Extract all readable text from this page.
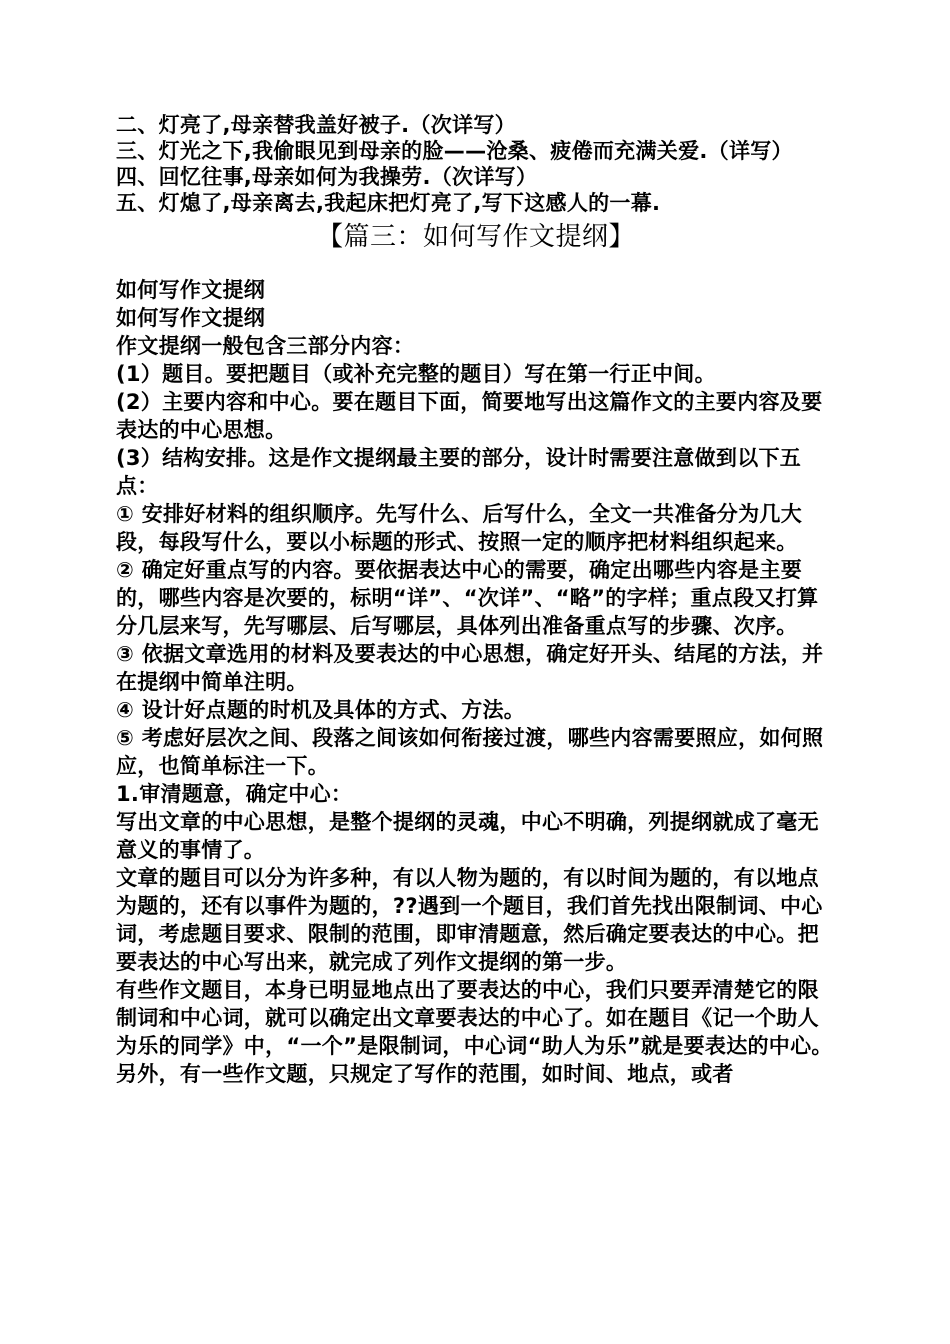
二、灯亮了,母亲替我盖好被子.（次详写）

三、灯光之下,我偷眼见到母亲的脸——沧桑、疲倦而充满关爱.（详写）

四、回忆往事,母亲如何为我操劳.（次详写）

五、灯熄了,母亲离去,我起床把灯亮了,写下这感人的一幕.

【篇三：如何写作文提纲】

如何写作文提纲

如何写作文提纲

作文提纲一般包含三部分内容：

(1）题目。要把题目（或补充完整的题目）写在第一行正中间。

(2）主要内容和中心。要在题目下面，简要地写出这篇作文的主要内容及要表达的中心思想。

(3）结构安排。这是作文提纲最主要的部分，设计时需要注意做到以下五点：

① 安排好材料的组织顺序。先写什么、后写什么，全文一共准备分为几大段，每段写什么，要以小标题的形式、按照一定的顺序把材料组织起来。

② 确定好重点写的内容。要依据表达中心的需要，确定出哪些内容是主要的，哪些内容是次要的，标明“详”、“次详”、“略”的字样；重点段又打算分几层来写，先写哪层、后写哪层，具体列出准备重点写的步骤、次序。

③ 依据文章选用的材料及要表达的中心思想，确定好开头、结尾的方法，并在提纲中简单注明。

④ 设计好点题的时机及具体的方式、方法。

⑤ 考虑好层次之间、段落之间该如何衔接过渡，哪些内容需要照应，如何照应，也简单标注一下。

1.审清题意，确定中心：

写出文章的中心思想，是整个提纲的灵魂，中心不明确，列提纲就成了毫无意义的事情了。

文章的题目可以分为许多种，有以人物为题的，有以时间为题的，有以地点为题的，还有以事件为题的，??遇到一个题目，我们首先找出限制词、中心词，考虑题目要求、限制的范围，即审清题意，然后确定要表达的中心。把要表达的中心写出来，就完成了列作文提纲的第一步。

有些作文题目，本身已明显地点出了要表达的中心，我们只要弄清楚它的限制词和中心词，就可以确定出文章要表达的中心了。如在题目《记一个助人为乐的同学》中，“一个”是限制词，中心词“助人为乐”就是要表达的中心。

另外，有一些作文题，只规定了写作的范围，如时间、地点，或者
